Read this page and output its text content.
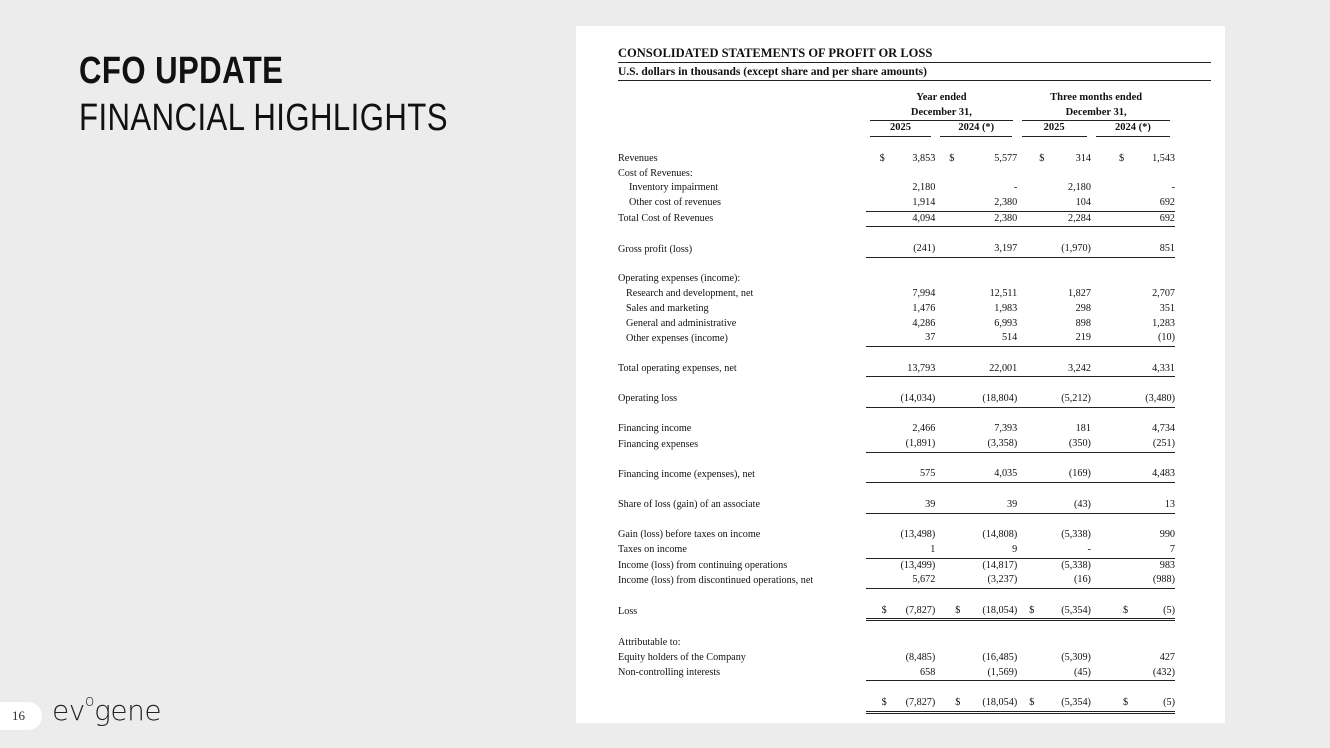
CFO UPDATE
FINANCIAL HIGHLIGHTS
16 $ev^ogene$
CONSOLIDATED STATEMENTS OF PROFIT OR LOSS
U.S. dollars in thousands (except share and per share amounts)
	Year ended		Three months ended	
	December 31,		December 31,	
	2025	2024 (*)	2025	2024 (*)

Revenues	$ 3,853	$ 5,577	$ 314	$ 1,543
Cost of Revenues:				
Inventory impairment	2,180	-	2,180	-
Other cost of revenues	1,914	2,380	104	692
Total Cost of Revenues	4,094	2,380	2,284	692

Gross profit (loss)	(241)	3,197	(1,970)	851

Operating expenses (income):				
Research and development, net	7,994	12,511	1,827	2,707
Sales and marketing	1,476	1,983	298	351
General and administrative	4,286	6,993	898	1,283
Other expenses (income)	37	514	219	(10)

Total operating expenses, net	13,793	22,001	3,242	4,331

Operating loss	(14,034)	(18,804)	(5,212)	(3,480)

Financing income	2,466	7,393	181	4,734
Financing expenses	(1,891)	(3,358)	(350)	(251)

Financing income (expenses), net	575	4,035	(169)	4,483

Share of loss (gain) of an associate	39	39	(43)	13

Gain (loss) before taxes on income	(13,498)	(14,808)	(5,338)	990
Taxes on income	1	9	-	7
Income (loss) from continuing operations	(13,499)	(14,817)	(5,338)	983
Income (loss) from discontinued operations, net	5,672	(3,237)	(16)	(988)

Loss	$ (7,827)	$ (18,054)	$ (5,354)	$ (5)

Attributable to:				
Equity holders of the Company	(8,485)	(16,485)	(5,309)	427
Non-controlling interests	658	(1,569)	(45)	(432)

	$ (7,827)	$ (18,054)	$ (5,354)	$ (5)
